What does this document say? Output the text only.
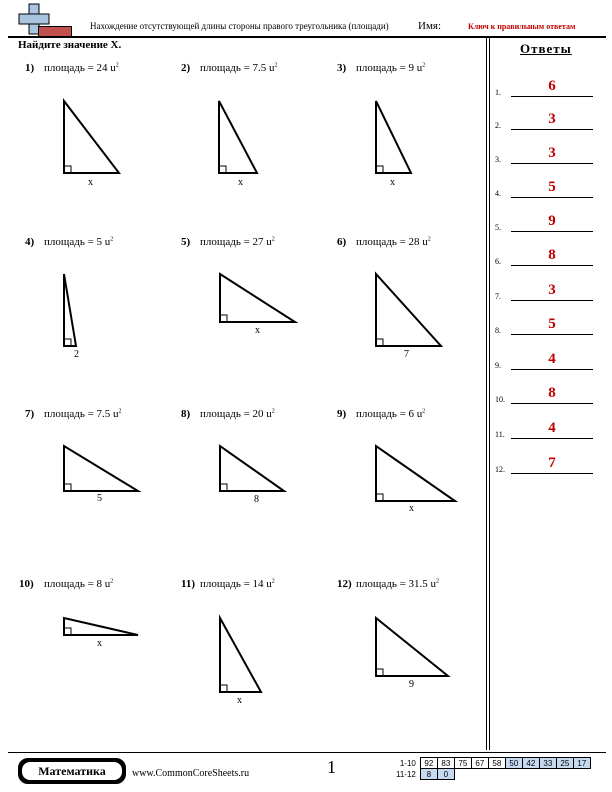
Нахождение отсутствующей длины стороны правого треугольника (площади)	Имя:	Ключ к правильным ответам
Найдите значение X.	Ответы
1.	6
2.	3
3.	3
4.	5
5.	9
6.	8
7.	3
8.	5
9.	4
10.	8
11.	4
12.	7
1) площадь = 24 $u^2$
x
2) площадь = 7.5 $u^2$
x
3) площадь = 9 $u^2$
x
4) площадь = 5 $u^2$
2
5) площадь = 27 $u^2$
x
6) площадь = 28 $u^2$
7
7) площадь = 7.5 $u^2$
5
8) площадь = 20 $u^2$
8
9) площадь = 6 $u^2$
x
10) площадь = 8 $u^2$
x
11) площадь = 14 $u^2$
x
12) площадь = 31.5 $u^2$
9
Математика	www.CommonCoreSheets.ru	1	1-10	92	83	75	67	58	50	42	33	25	17
11-12	8	0								
